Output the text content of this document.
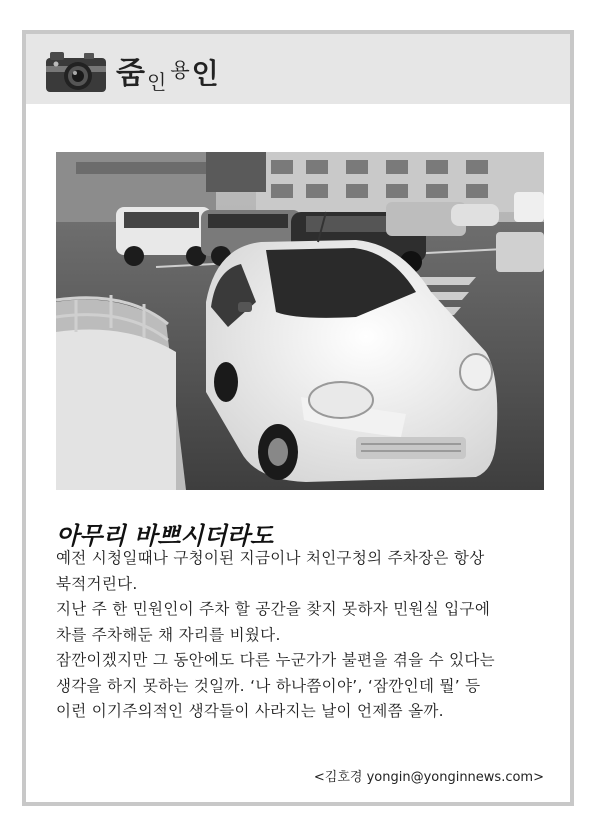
줌인 용인
아무리 바쁘시더라도

예전 시청일때나 구청이된 지금이나 처인구청의 주차장은 항상

북적거린다.

지난 주 한 민원인이 주차 할 공간을 찾지 못하자 민원실 입구에

차를 주차해둔 채 자리를 비웠다.

잠깐이겠지만 그 동안에도 다른 누군가가 불편을 겪을 수 있다는

생각을 하지 못하는 것일까. ‘나 하나쯤이야’, ‘잠깐인데 뭘’ 등

이런 이기주의적인 생각들이 사라지는 날이 언제쯤 올까.

<김호경 yongin@yonginnews.com>
